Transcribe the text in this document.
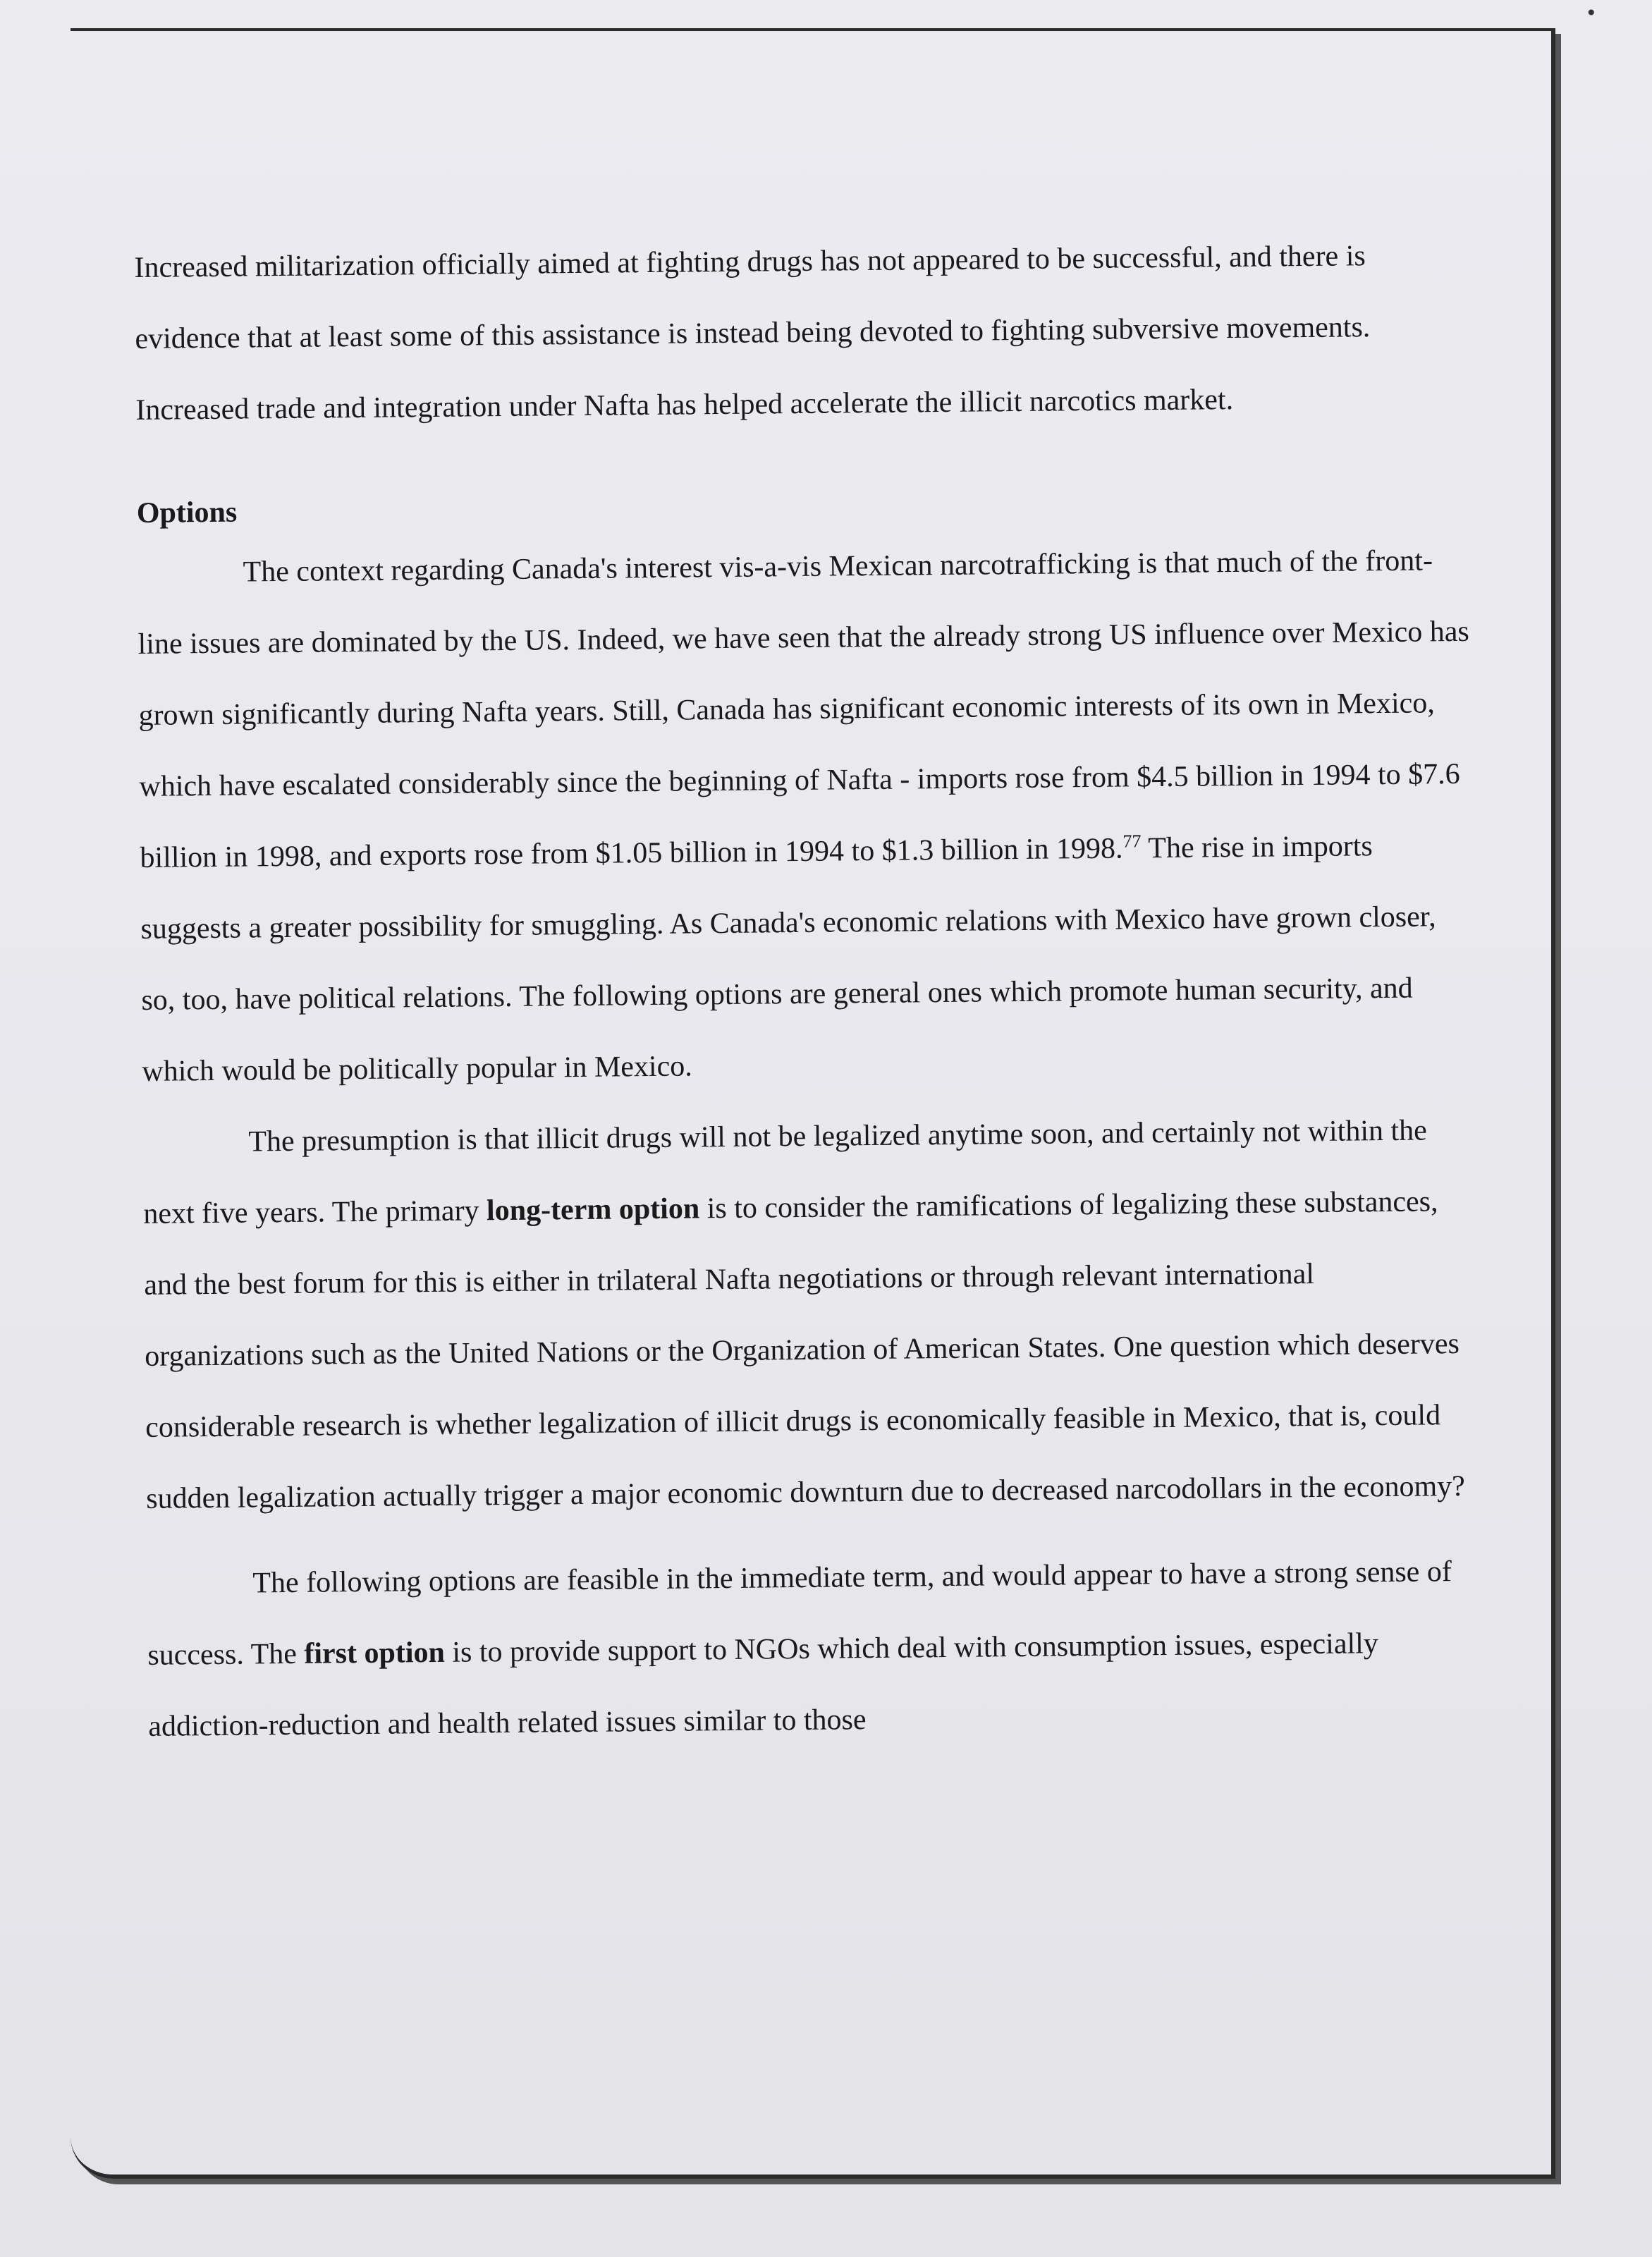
•

Increased militarization officially aimed at fighting drugs has not appeared to be successful, and there is evidence that at least some of this assistance is instead being devoted to fighting subversive movements. Increased trade and integration under Nafta has helped accelerate the illicit narcotics market.

Options

The context regarding Canada's interest vis-a-vis Mexican narcotrafficking is that much of the front-line issues are dominated by the US. Indeed, we have seen that the already strong US influence over Mexico has grown significantly during Nafta years. Still, Canada has significant economic interests of its own in Mexico, which have escalated considerably since the beginning of Nafta - imports rose from $4.5 billion in 1994 to $7.6 billion in 1998, and exports rose from $1.05 billion in 1994 to $1.3 billion in 1998.77 The rise in imports suggests a greater possibility for smuggling. As Canada's economic relations with Mexico have grown closer, so, too, have political relations. The following options are general ones which promote human security, and which would be politically popular in Mexico.

The presumption is that illicit drugs will not be legalized anytime soon, and certainly not within the next five years. The primary long-term option is to consider the ramifications of legalizing these substances, and the best forum for this is either in trilateral Nafta negotiations or through relevant international organizations such as the United Nations or the Organization of American States. One question which deserves considerable research is whether legalization of illicit drugs is economically feasible in Mexico, that is, could sudden legalization actually trigger a major economic downturn due to decreased narcodollars in the economy?

The following options are feasible in the immediate term, and would appear to have a strong sense of success. The first option is to provide support to NGOs which deal with consumption issues, especially addiction-reduction and health related issues similar to those
